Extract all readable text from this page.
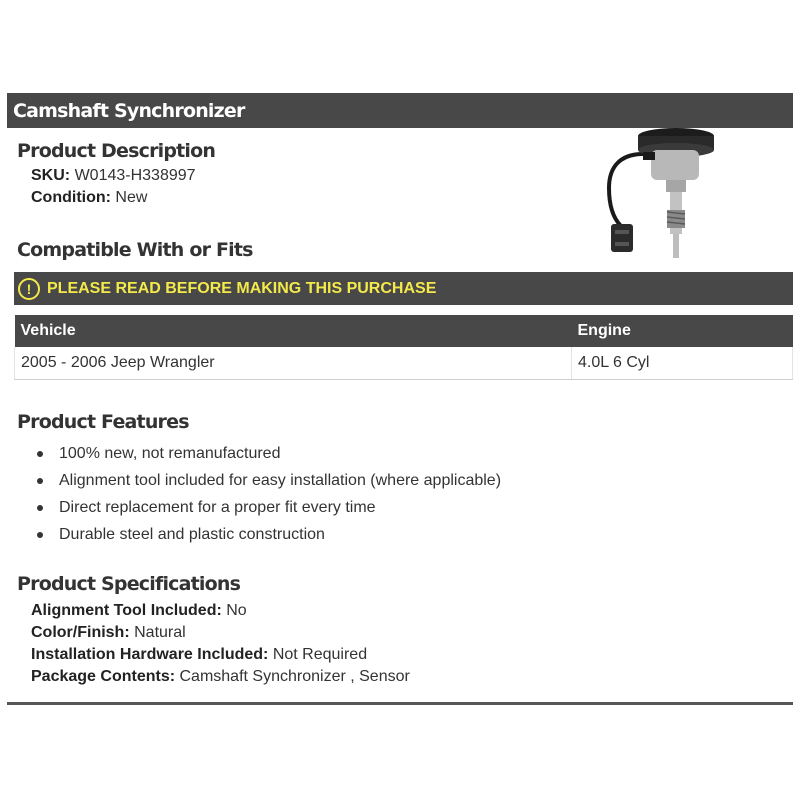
Camshaft Synchronizer
Product Description
SKU: W0143-H338997
Condition: New
Compatible With or Fits
! PLEASE READ BEFORE MAKING THIS PURCHASE
Vehicle	Engine
2005 - 2006 Jeep Wrangler	4.0L 6 Cyl
Product Features
100% new, not remanufactured
Alignment tool included for easy installation (where applicable)
Direct replacement for a proper fit every time
Durable steel and plastic construction
Product Specifications
Alignment Tool Included: No
Color/Finish: Natural
Installation Hardware Included: Not Required
Package Contents: Camshaft Synchronizer , Sensor
